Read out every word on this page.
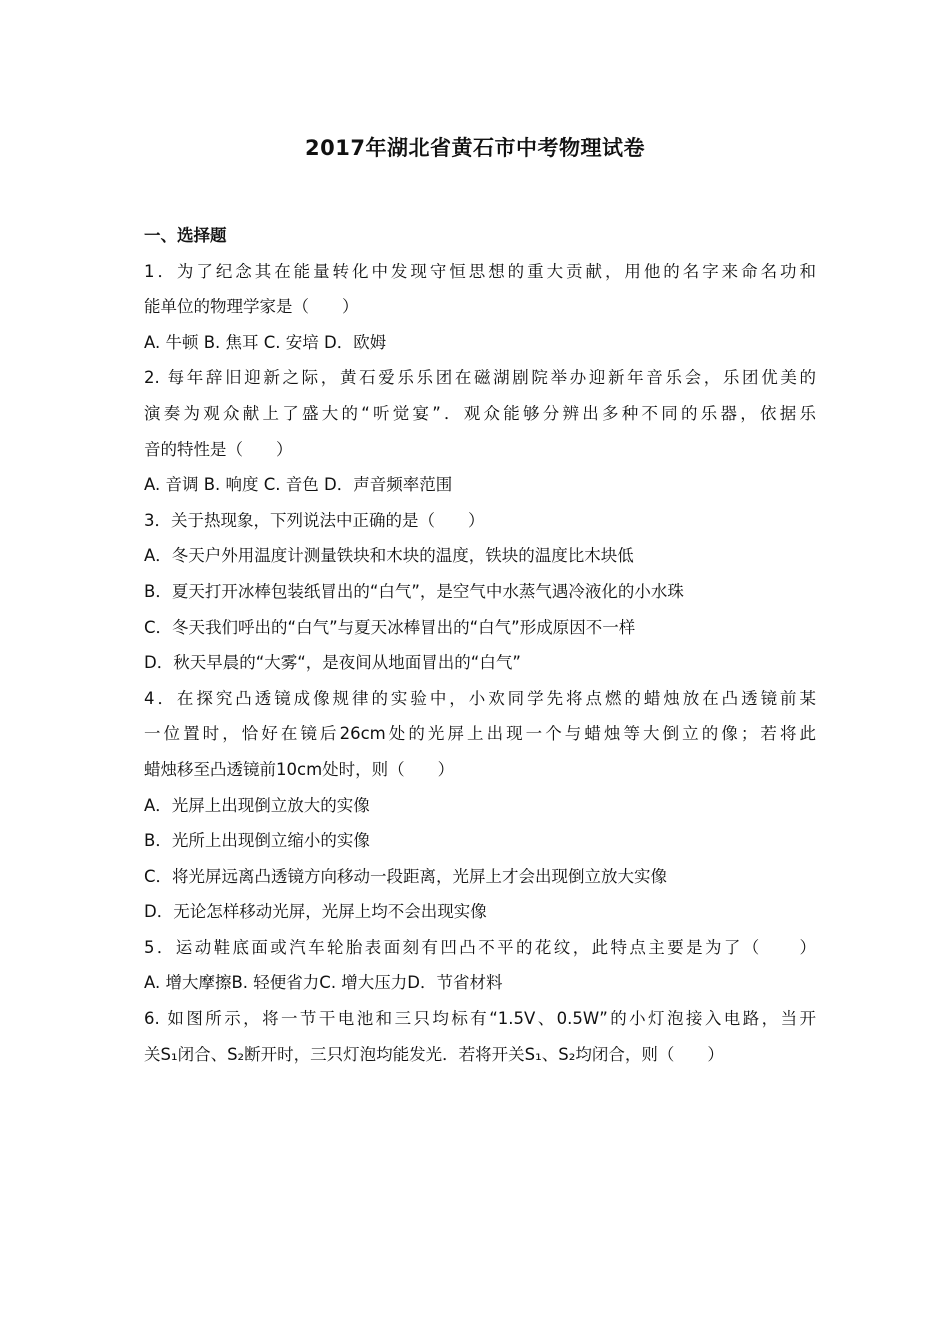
2017年湖北省黄石市中考物理试卷
一、选择题
1．为了纪念其在能量转化中发现守恒思想的重大贡献，用他的名字来命名功和
能单位的物理学家是（　　）
A. 牛顿 B. 焦耳 C. 安培 D．欧姆
2. 每年辞旧迎新之际，黄石爱乐乐团在磁湖剧院举办迎新年音乐会，乐团优美的
演奏为观众献上了盛大的“听觉宴”．观众能够分辨出多种不同的乐器，依据乐
音的特性是（　　）
A. 音调 B. 响度 C. 音色 D．声音频率范围
3．关于热现象，下列说法中正确的是（　　）
A．冬天户外用温度计测量铁块和木块的温度，铁块的温度比木块低
B．夏天打开冰棒包装纸冒出的“白气”，是空气中水蒸气遇冷液化的小水珠
C．冬天我们呼出的“白气”与夏天冰棒冒出的“白气”形成原因不一样
D．秋天早晨的“大雾“，是夜间从地面冒出的“白气”
4．在探究凸透镜成像规律的实验中，小欢同学先将点燃的蜡烛放在凸透镜前某
一位置时，恰好在镜后26cm处的光屏上出现一个与蜡烛等大倒立的像；若将此
蜡烛移至凸透镜前10cm处时，则（　　）
A．光屏上出现倒立放大的实像
B．光所上出现倒立缩小的实像
C．将光屏远离凸透镜方向移动一段距离，光屏上才会出现倒立放大实像
D．无论怎样移动光屏，光屏上均不会出现实像
5．运动鞋底面或汽车轮胎表面刻有凹凸不平的花纹，此特点主要是为了（　　）
A. 增大摩擦B. 轻便省力C. 增大压力D．节省材料
6. 如图所示，将一节干电池和三只均标有“1.5V、0.5W”的小灯泡接入电路，当开
关S₁闭合、S₂断开时，三只灯泡均能发光．若将开关S₁、S₂均闭合，则（　　）
